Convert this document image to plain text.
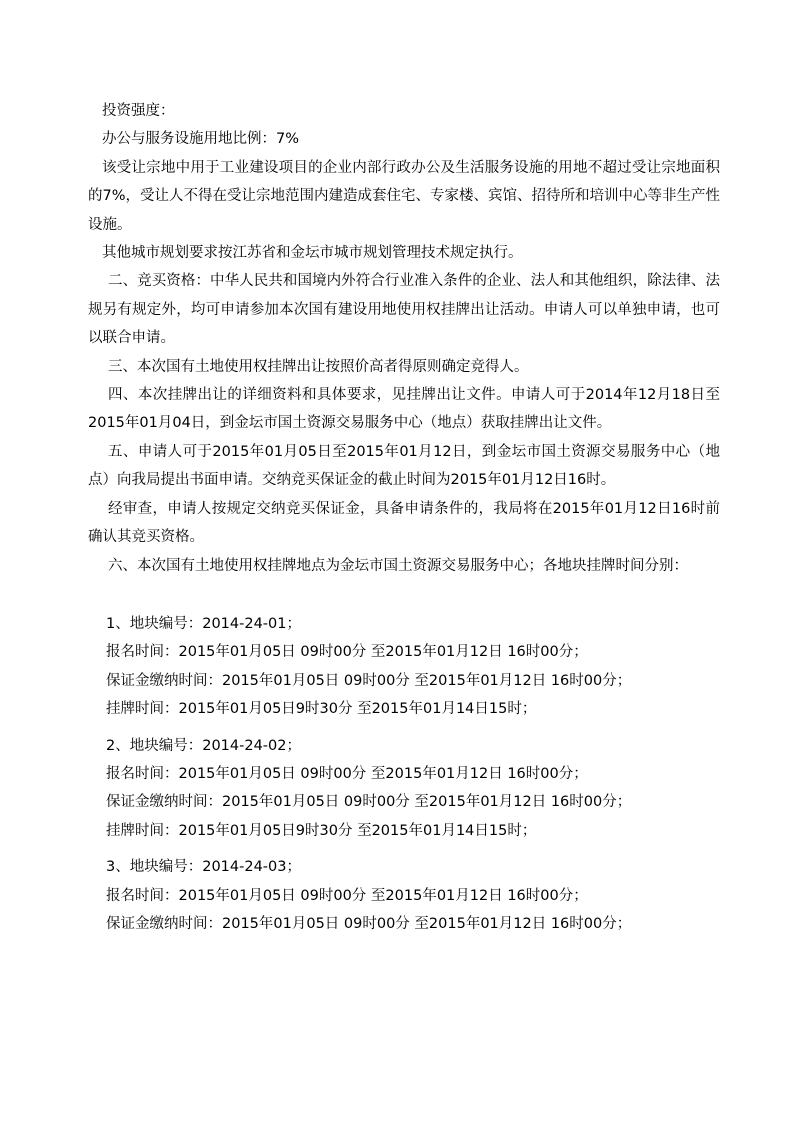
投资强度：

办公与服务设施用地比例：7%

该受让宗地中用于工业建设项目的企业内部行政办公及生活服务设施的用地不超过受让宗地面积的7%，受让人不得在受让宗地范围内建造成套住宅、专家楼、宾馆、招待所和培训中心等非生产性设施。

其他城市规划要求按江苏省和金坛市城市规划管理技术规定执行。

二、竞买资格：中华人民共和国境内外符合行业准入条件的企业、法人和其他组织，除法律、法规另有规定外，均可申请参加本次国有建设用地使用权挂牌出让活动。申请人可以单独申请，也可以联合申请。

三、本次国有土地使用权挂牌出让按照价高者得原则确定竞得人。

四、本次挂牌出让的详细资料和具体要求，见挂牌出让文件。申请人可于2014年12月18日至2015年01月04日，到金坛市国土资源交易服务中心（地点）获取挂牌出让文件。

五、申请人可于2015年01月05日至2015年01月12日，到金坛市国土资源交易服务中心（地点）向我局提出书面申请。交纳竞买保证金的截止时间为2015年01月12日16时。

经审查，申请人按规定交纳竞买保证金，具备申请条件的，我局将在2015年01月12日16时前确认其竞买资格。

六、本次国有土地使用权挂牌地点为金坛市国土资源交易服务中心；各地块挂牌时间分别：

1、地块编号：2014-24-01；

报名时间：2015年01月05日 09时00分 至2015年01月12日 16时00分；

保证金缴纳时间：2015年01月05日 09时00分 至2015年01月12日 16时00分；

挂牌时间：2015年01月05日9时30分 至2015年01月14日15时；

2、地块编号：2014-24-02；

报名时间：2015年01月05日 09时00分 至2015年01月12日 16时00分；

保证金缴纳时间：2015年01月05日 09时00分 至2015年01月12日 16时00分；

挂牌时间：2015年01月05日9时30分 至2015年01月14日15时；

3、地块编号：2014-24-03；

报名时间：2015年01月05日 09时00分 至2015年01月12日 16时00分；

保证金缴纳时间：2015年01月05日 09时00分 至2015年01月12日 16时00分；
